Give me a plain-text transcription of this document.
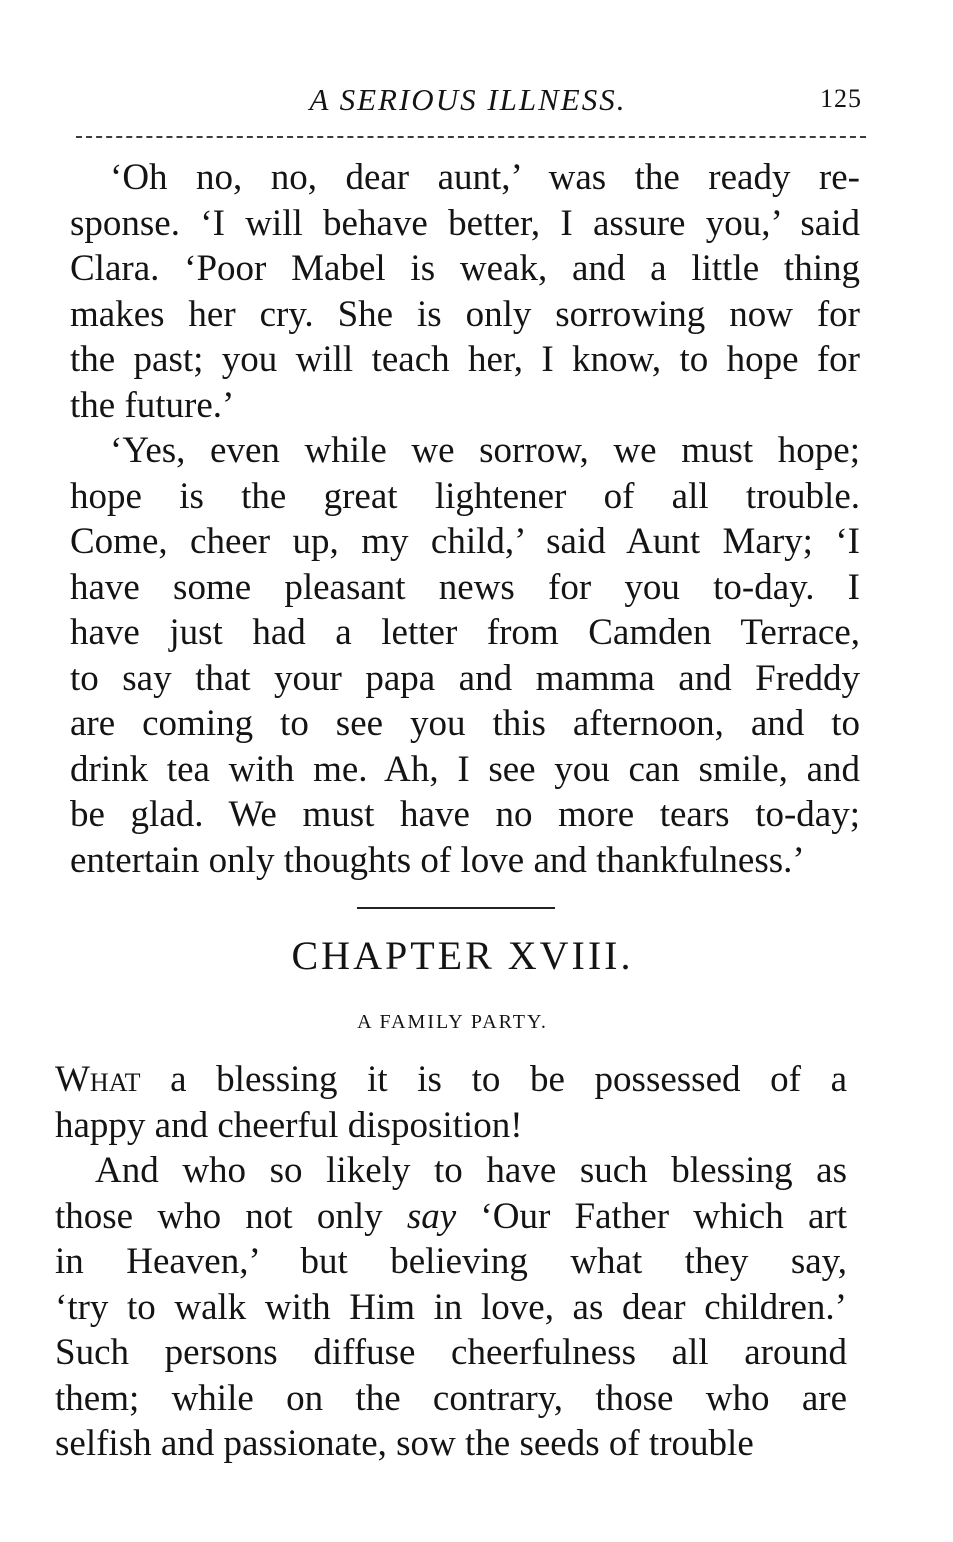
A SERIOUS ILLNESS.	125
‘Oh no, no, dear aunt,’ was the ready re-
sponse. ‘I will behave better, I assure you,’ said
Clara. ‘Poor Mabel is weak, and a little thing
makes her cry. She is only sorrowing now for
the past; you will teach her, I know, to hope for
the future.’
‘Yes, even while we sorrow, we must hope;
hope is the great lightener of all trouble.
Come, cheer up, my child,’ said Aunt Mary; ‘I
have some pleasant news for you to-day. I
have just had a letter from Camden Terrace,
to say that your papa and mamma and Freddy
are coming to see you this afternoon, and to
drink tea with me. Ah, I see you can smile, and
be glad. We must have no more tears to-day;
entertain only thoughts of love and thankfulness.’
CHAPTER XVIII.
A FAMILY PARTY.
What a blessing it is to be possessed of a
happy and cheerful disposition!
And who so likely to have such blessing as
those who not only say ‘Our Father which art
in Heaven,’ but believing what they say,
‘try to walk with Him in love, as dear children.’
Such persons diffuse cheerfulness all around
them; while on the contrary, those who are
selfish and passionate, sow the seeds of trouble
